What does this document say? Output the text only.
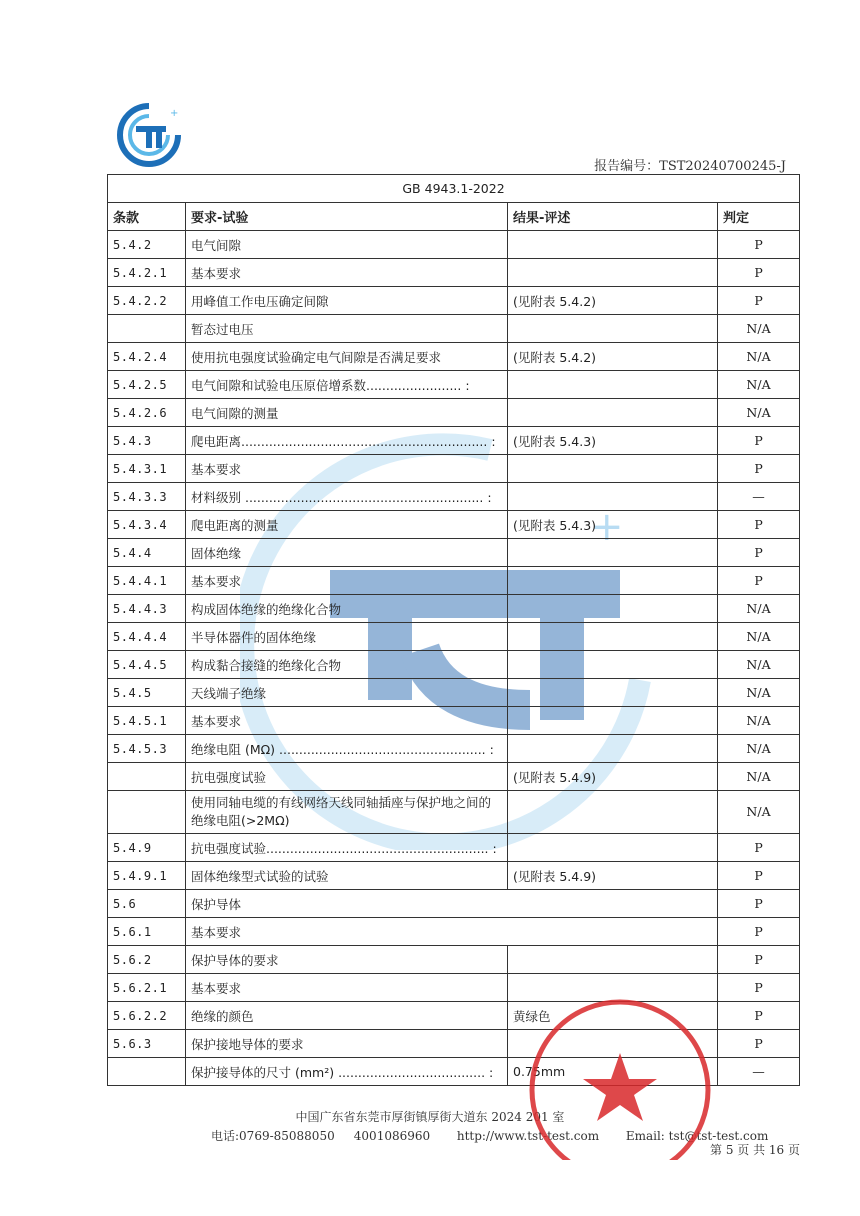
+
报告编号：TST20240700245-J
+
GB 4943.1-2022			
条款	要求-试验	结果-评述	判定
5.4.2	电气间隙		P
5.4.2.1	基本要求		P
5.4.2.2	用峰值工作电压确定间隙	(见附表 5.4.2)	P
	暂态过电压		N/A
5.4.2.4	使用抗电强度试验确定电气间隙是否满足要求	(见附表 5.4.2)	N/A
5.4.2.5	电气间隙和试验电压原倍增系数........................ :		N/A
5.4.2.6	电气间隙的测量		N/A
5.4.3	爬电距离.............................................................. :	(见附表 5.4.3)	P
5.4.3.1	基本要求		P
5.4.3.3	材料级别 ............................................................ :		—
5.4.3.4	爬电距离的测量	(见附表 5.4.3)	P
5.4.4	固体绝缘		P
5.4.4.1	基本要求		P
5.4.4.3	构成固体绝缘的绝缘化合物		N/A
5.4.4.4	半导体器件的固体绝缘		N/A
5.4.4.5	构成黏合接缝的绝缘化合物		N/A
5.4.5	天线端子绝缘		N/A
5.4.5.1	基本要求		N/A
5.4.5.3	绝缘电阻 (MΩ) .................................................... :		N/A
	抗电强度试验	(见附表 5.4.9)	N/A
	使用同轴电缆的有线网络天线同轴插座与保护地之间的绝缘电阻(>2MΩ)		N/A
5.4.9	抗电强度试验........................................................ :		P
5.4.9.1	固体绝缘型式试验的试验	(见附表 5.4.9)	P
5.6	保护导体		P
5.6.1	基本要求		P
5.6.2	保护导体的要求		P
5.6.2.1	基本要求		P
5.6.2.2	绝缘的颜色	黄绿色	P
5.6.3	保护接地导体的要求		P
	保护接导体的尺寸 (mm²) ..................................... :	0.75mm	—
中国广东省东莞市厚街镇厚街大道东 2024 201 室
电话:0769-85088050     4001086960       http://www.tst-test.com       Email: tst@tst-test.com
第 5 页 共 16 页
